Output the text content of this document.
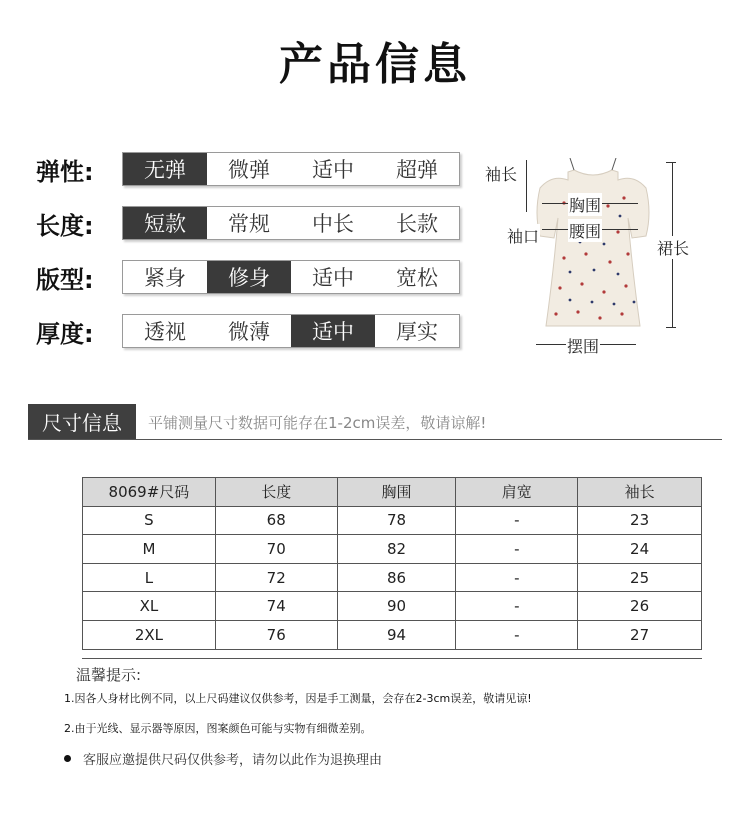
产品信息
弹性:	无弹	微弹	适中	超弹
长度:	短款	常规	中长	长款
版型:	紧身	修身	适中	宽松
厚度:	透视	微薄	适中	厚实
袖长
胸围
袖口 腰围
裙长
摆围
尺寸信息	平铺测量尺寸数据可能存在1-2cm误差，敬请谅解!
8069#尺码	长度	胸围	肩宽	袖长
S	68	78	-	23
M	70	82	-	24
L	72	86	-	25
XL	74	90	-	26
2XL	76	94	-	27
温馨提示:
1.因各人身材比例不同，以上尺码建议仅供参考，因是手工测量，会存在2-3cm误差，敬请见谅!
2.由于光线、显示器等原因，图案颜色可能与实物有细微差别。
客服应邀提供尺码仅供参考，请勿以此作为退换理由
